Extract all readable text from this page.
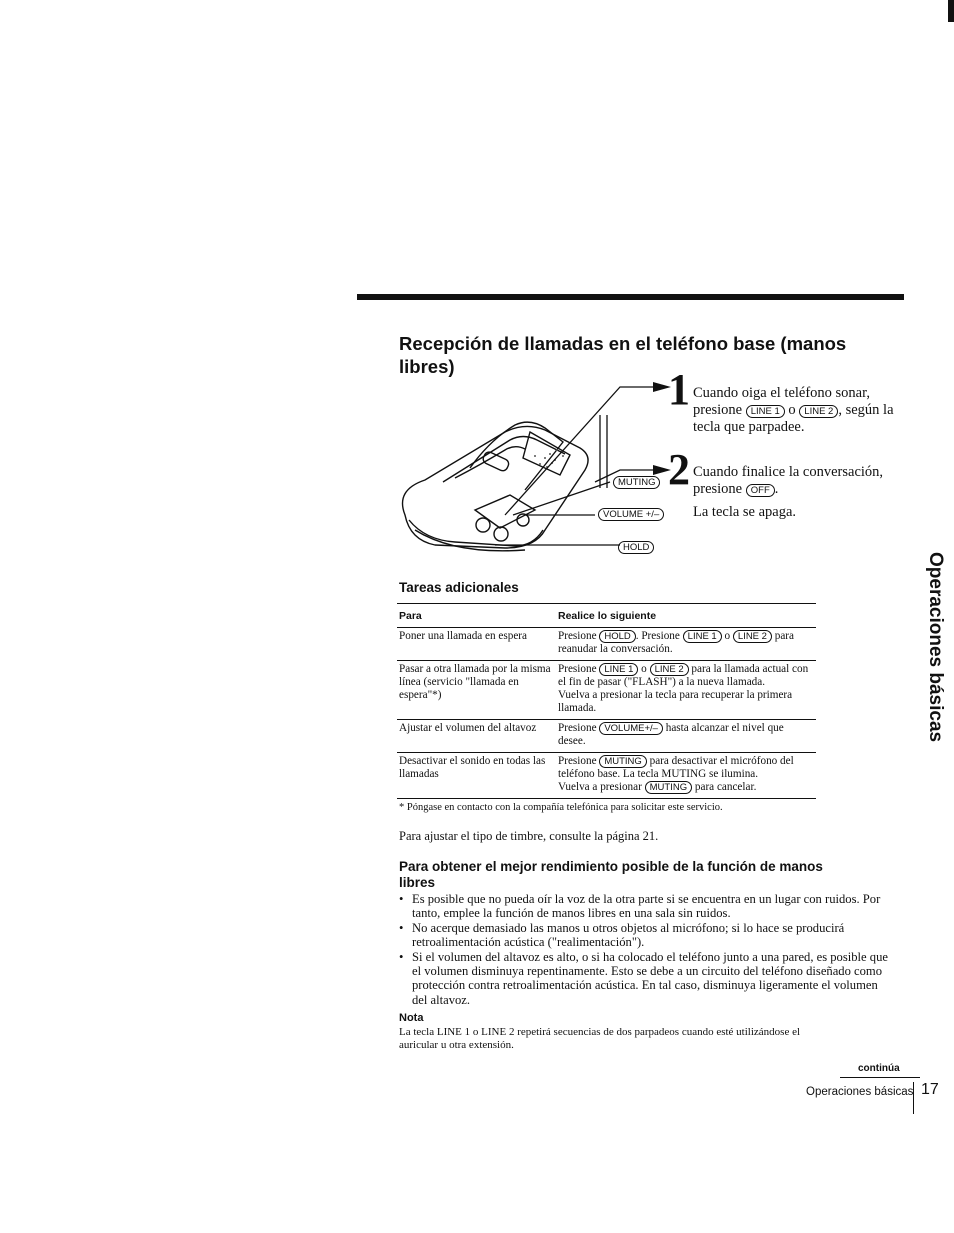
Recepción de llamadas en el teléfono base (manos libres)
MUTING
VOLUME +/–
HOLD
1 Cuando oiga el teléfono sonar, presione LINE 1 o LINE 2 , según la tecla que parpadee.
2 Cuando finalice la conversación, presione OFF .
La tecla se apaga.
Tareas adicionales
Para	Realice lo siguiente
Poner una llamada en espera	Presione HOLD . Presione LINE 1 o LINE 2 para reanudar la conversación.
Pasar a otra llamada por la misma línea (servicio "llamada en espera"*)	Presione LINE 1 o LINE 2 para la llamada actual con el fin de pasar ("FLASH") a la nueva llamada.
Vuelva a presionar la tecla para recuperar la primera llamada.
Ajustar el volumen del altavoz	Presione VOLUME+/– hasta alcanzar el nivel que desee.
Desactivar el sonido en todas las llamadas	Presione MUTING para desactivar el micrófono del teléfono base. La tecla MUTING se ilumina.
Vuelva a presionar MUTING para cancelar.
* Póngase en contacto con la compañía telefónica para solicitar este servicio.
Para ajustar el tipo de timbre, consulte la página 21.
Para obtener el mejor rendimiento posible de la función de manos libres
• Es posible que no pueda oír la voz de la otra parte si se encuentra en un lugar con ruidos. Por tanto, emplee la función de manos libres en una sala sin ruidos.
• No acerque demasiado las manos u otros objetos al micrófono; si lo hace se producirá retroalimentación acústica ("realimentación").
• Si el volumen del altavoz es alto, o si ha colocado el teléfono junto a una pared, es posible que el volumen disminuya repentinamente. Esto se debe a un circuito del teléfono diseñado como protección contra retroalimentación acústica. En tal caso, disminuya ligeramente el volumen del altavoz.
Nota
La tecla LINE 1 o LINE 2 repetirá secuencias de dos parpadeos cuando esté utilizándose el auricular u otra extensión.
continúa
Operaciones básicas 17
Operaciones básicas
